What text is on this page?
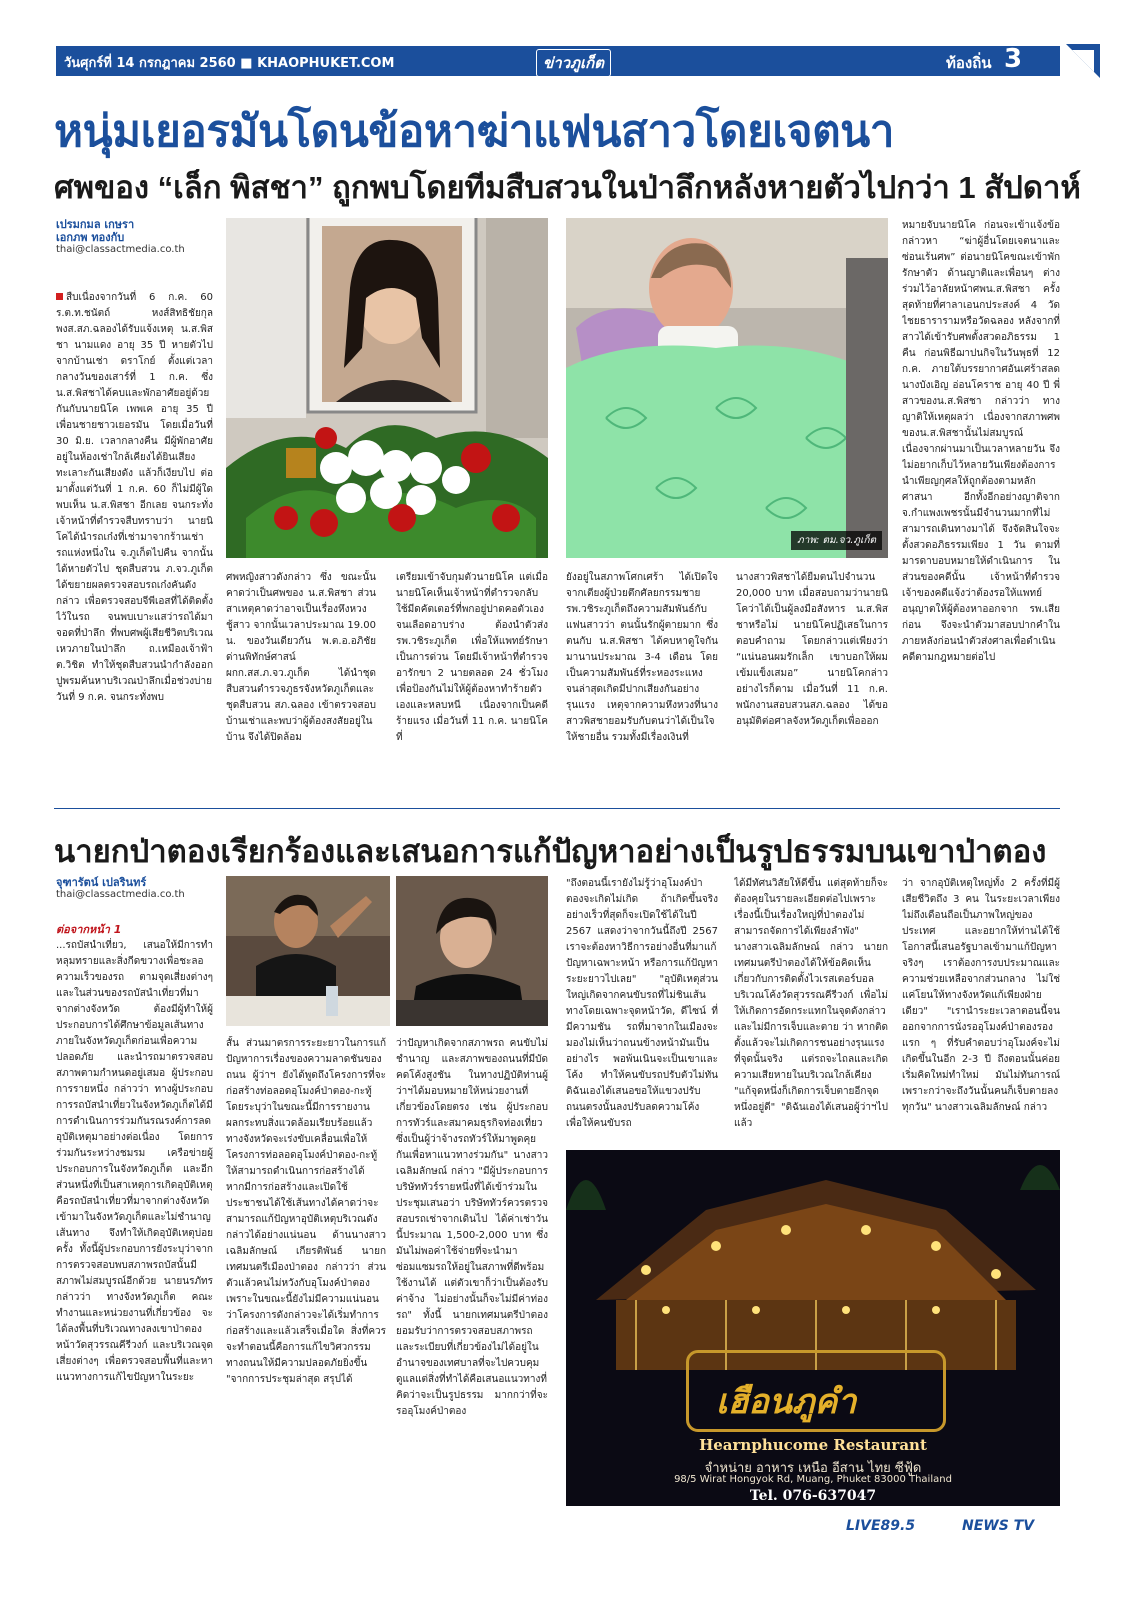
วันศุกร์ที่ 14 กรกฎาคม 2560 ■ KHAOPHUKET.COM	ข่าวภูเก็ต	ท้องถิ่น 3
หนุ่มเยอรมันโดนข้อหาฆ่าแฟนสาวโดยเจตนา
ศพของ “เล็ก พิสชา” ถูกพบโดยทีมสืบสวนในป่าลึกหลังหายตัวไปกว่า 1 สัปดาห์
เปรมกมล เกษรา
เอกภพ ทองกับ
thai@classactmedia.co.th
สืบเนื่องจากวันที่ 6 ก.ค. 60 ร.ต.ท.ชนัตถ์ หงส์สิทธิชัยกุล พงส.สภ.ฉลองได้รับแจ้งเหตุ น.ส.พิสชา นามแดง อายุ 35 ปี หายตัวไปจากบ้านเช่า ดราโกย์ ตั้งแต่เวลากลางวันของเสาร์ที่ 1 ก.ค. ซึ่งน.ส.พิสชาได้คบและพักอาศัยอยู่ด้วยกันกับนายนิโค เพพเค อายุ 35 ปี เพื่อนชายชาวเยอรมัน โดยเมื่อวันที่ 30 มิ.ย. เวลากลางคืน มีผู้พักอาศัยอยู่ในห้องเช่าใกล้เคียงได้ยินเสียงทะเลาะกันเสียงดัง แล้วก็เงียบไป ต่อมาตั้งแต่วันที่ 1 ก.ค. 60 ก็ไม่มีผู้ใดพบเห็น น.ส.พิสชา อีกเลย จนกระทั่งเจ้าหน้าที่ตำรวจสืบทราบว่า นายนิโคได้นำรถเก๋งที่เช่ามาจากร้านเช่ารถแห่งหนึ่งใน จ.ภูเก็ตไปคืน จากนั้นได้หายตัวไป ชุดสืบสวน ภ.จว.ภูเก็ตได้ขยายผลตรวจสอบรถเก๋งคันดังกล่าว เพื่อตรวจสอบจีพีเอสที่ได้ติดตั้งไว้ในรถ จนพบเบาะแสว่ารถได้มาจอดที่ป่าลึก ที่พบศพผู้เสียชีวิตบริเวณเหวภายในป่าลึก ถ.เหมืองเจ้าฟ้า ต.วิชิต ทำให้ชุดสืบสวนนำกำลังออกปูพรมค้นหาบริเวณป่าลึกเมื่อช่วงบ่ายวันที่ 9 ก.ค. จนกระทั่งพบ
ภาพ: ตม.จว.ภูเก็ต
หมายจับนายนิโค ก่อนจะเข้าแจ้งข้อกล่าวหา “ฆ่าผู้อื่นโดยเจตนาและซ่อนเร้นศพ” ต่อนายนิโคขณะเข้าพักรักษาตัว ด้านญาติและเพื่อนๆ ต่างร่วมไว้อาลัยหน้าศพน.ส.พิสชา ครั้งสุดท้ายที่ศาลาเอนกประสงค์ 4 วัดไชยธารารามหรือวัดฉลอง หลังจากที่สาวได้เข้ารับศพตั้งสวดอภิธรรม 1 คืน ก่อนพิธีฌาปนกิจในวันพุธที่ 12 ก.ค. ภายใต้บรรยากาศอันเศร้าสลด นางบังเอิญ อ่อนโคราช อายุ 40 ปี พี่สาวของน.ส.พิสชา กล่าวว่า ทางญาติให้เหตุผลว่า เนื่องจากสภาพศพของน.ส.พิสชานั้นไม่สมบูรณ์เนื่องจากผ่านมาเป็นเวลาหลายวัน จึงไม่อยากเก็บไว้หลายวันเพียงต้องการนำเพียญกุศลให้ถูกต้องตามหลักศาสนา อีกทั้งอีกอย่างญาติจาก จ.กำแพงเพชรนั้นมีจำนวนมากที่ไม่สามารถเดินทางมาได้ จึงจัดสินใจจะตั้งสวดอภิธรรมเพียง 1 วัน ตามที่มารดาบอบหมายให้ดำเนินการ ในส่วนของคดีนั้น เจ้าหน้าที่ตำรวจเจ้าของคดีแจ้งว่าต้องรอให้แพทย์อนุญาตให้ผู้ต้องหาออกจาก รพ.เสียก่อน จึงจะนำตัวมาสอบปากคำในภายหลังก่อนนำตัวส่งศาลเพื่อดำเนินคดีตามกฎหมายต่อไป
ศพหญิงสาวดังกล่าว ซึ่ง ขณะนั้นคาดว่าเป็นศพของ น.ส.พิสชา ส่วนสาเหตุคาดว่าอาจเป็นเรื่องหึงหวงชู้สาว จากนั้นเวลาประมาณ 19.00 น. ของวันเดียวกัน พ.ต.อ.อภิชัย ด่านพิทักษ์ศาสน์ ผกก.สส.ภ.จว.ภูเก็ต ได้นำชุดสืบสวนตำรวจภูธรจังหวัดภูเก็ตและชุดสืบสวน สภ.ฉลอง เข้าตรวจสอบบ้านเช่าและพบว่าผู้ต้องสงสัยอยู่ในบ้าน จึงได้ปิดล้อม
เตรียมเข้าจับกุมตัวนายนิโค แต่เมื่อนายนิโคเห็นเจ้าหน้าที่ตำรวจกลับใช้มีดคัตเตอร์ที่พกอยู่ปาดคอตัวเองจนเลือดอาบร่าง ต้องนำตัวส่ง รพ.วชิระภูเก็ต เพื่อให้แพทย์รักษา เป็นการด่วน โดยมีเจ้าหน้าที่ตำรวจอารักขา 2 นายตลอด 24 ชั่วโมง เพื่อป้องกันไม่ให้ผู้ต้องหาทำร้ายตัวเองและหลบหนี เนื่องจากเป็นคดีร้ายแรง เมื่อวันที่ 11 ก.ค. นายนิโค ที่
ยังอยู่ในสภาพโศกเศร้า ได้เปิดใจจากเตียงผู้ป่วยตึกศัลยกรรมชาย รพ.วชิระภูเก็ตถึงความสัมพันธ์กับแฟนสาวว่า ตนนั้นรักผู้ตายมาก ซึ่งตนกับ น.ส.พิสชา ได้คบหาดูใจกันมานานประมาณ 3-4 เดือน โดยเป็นความสัมพันธ์ที่ระหองระแหง จนล่าสุดเกิดมีปากเสียงกันอย่างรุนแรง เหตุจากความหึงหวงที่นางสาวพิสชายอมรับกับตนว่าได้เป็นใจให้ชายอื่น รวมทั้งมีเรื่องเงินที่
นางสาวพิสชาได้ยืมตนไปจำนวน 20,000 บาท เมื่อสอบถามว่านายนิโคว่าได้เป็นผู้ลงมือสังหาร น.ส.พิสชาหรือไม่ นายนิโคปฏิเสธในการตอบคำถาม โดยกล่าวแต่เพียงว่า “แน่นอนผมรักเล็ก เขาบอกให้ผมเข้มแข็งเสมอ” นายนิโคกล่าว อย่างไรก็ตาม เมื่อวันที่ 11 ก.ค. พนักงานสอบสวนสภ.ฉลอง ได้ขออนุมัติต่อศาลจังหวัดภูเก็ตเพื่อออก
นายกป่าตองเรียกร้องและเสนอการแก้ปัญหาอย่างเป็นรูปธรรมบนเขาป่าตอง
จุฑารัตน์ เปลรินทร์
thai@classactmedia.co.th
ต่อจากหน้า 1
...รถบัสนำเที่ยว, เสนอให้มีการทำหลุมทรายและสิ่งกีดขวางเพื่อชะลอความเร็วของรถ ตามจุดเสี่ยงต่างๆ และในส่วนของรถบัสนำเที่ยวที่มาจากต่างจังหวัด ต้องมีผู้ทำให้ผู้ประกอบการได้ศึกษาข้อมูลเส้นทางภายในจังหวัดภูเก็ตก่อนเพื่อความปลอดภัย และนำรถมาตรวจสอบสภาพตามกำหนดอยู่เสมอ ผู้ประกอบการรายหนึ่ง กล่าวว่า ทางผู้ประกอบการรถบัสนำเที่ยวในจังหวัดภูเก็ตได้มีการดำเนินการร่วมกันรณรงค์การลดอุบัติเหตุมาอย่างต่อเนื่อง โดยการร่วมกันระหว่างชมรม เครือข่ายผู้ประกอบการในจังหวัดภูเก็ต และอีกส่วนหนึ่งที่เป็นสาเหตุการเกิดอุบัติเหตุคือรถบัสนำเที่ยวที่มาจากต่างจังหวัดเข้ามาในจังหวัดภูเก็ตและไม่ชำนาญเส้นทาง จึงทำให้เกิดอุบัติเหตุบ่อยครั้ง ทั้งนี้ผู้ประกอบการยังระบุว่าจากการตรวจสอบพบสภาพรถบัสนั้นมีสภาพไม่สมบูรณ์อีกด้วย นายนรภัทร กล่าวว่า ทางจังหวัดภูเก็ต คณะทำงานและหน่วยงานที่เกี่ยวข้อง จะได้ลงพื้นที่บริเวณทางลงเขาป่าตอง หน้าวัดสุวรรณคีรีวงก์ และบริเวณจุดเสี่ยงต่างๆ เพื่อตรวจสอบพื้นที่และหาแนวทางการแก้ไขปัญหาในระยะ
สั้น ส่วนมาตรการระยะยาวในการแก้ปัญหาการเรื่องของความลาดชันของถนน ผู้ว่าฯ ยังได้พูดถึงโครงการที่จะก่อสร้างท่อลอดอุโมงค์ป่าตอง-กะทู้ โดยระบุว่าในขณะนี้มีการรายงานผลกระทบสิ่งแวดล้อมเรียบร้อยแล้ว ทางจังหวัดจะเร่งขับเคลื่อนเพื่อให้โครงการท่อลอดอุโมงค์ป่าตอง-กะทู้ ให้สามารถดำเนินการก่อสร้างได้ หากมีการก่อสร้างและเปิดใช้ประชาชนได้ใช้เส้นทางได้คาดว่าจะสามารถแก้ปัญหาอุบัติเหตุบริเวณดังกล่าวได้อย่างแน่นอน ด้านนางสาวเฉลิมลักษณ์ เกียรติพันธ์ นายกเทศมนตรีเมืองป่าตอง กล่าวว่า ส่วนตัวแล้วคนไม่หวังกับอุโมงค์ป่าตอง เพราะในขณะนี้ยังไม่มีความแน่นอนว่าโครงการดังกล่าวจะได้เริ่มทำการก่อสร้างและแล้วเสร็จเมื่อใด สิ่งที่ควรจะทำตอนนี้คือการแก้ไขวิศวกรรมทางถนนให้มีความปลอดภัยยิ่งขึ้น "จากการประชุมล่าสุด สรุปได้
ว่าปัญหาเกิดจากสภาพรถ คนขับไม่ชำนาญ และสภาพของถนนที่มีบัดคดโค้งสูงชัน ในทางปฏิบัติท่านผู้ว่าฯได้มอบหมายให้หน่วยงานที่เกี่ยวข้องโดยตรง เช่น ผู้ประกอบการทัวร์และสมาคมธุรกิจท่องเที่ยวซึ่งเป็นผู้ว่าจ้างรถทัวร์ให้มาพูดคุยกันเพื่อหาแนวทางร่วมกัน" นางสาวเฉลิมลักษณ์ กล่าว "มีผู้ประกอบการบริษัททัวร์รายหนึ่งที่ได้เข้าร่วมในประชุมเสนอว่า บริษัททัวร์ควรตรวจสอบรถเช่าจากเดินไป ได้ค่าเช่าวันนี้ประมาณ 1,500-2,000 บาท ซึ่งมันไม่พอค่าใช้จ่ายที่จะนำมาซ่อมแซมรถให้อยู่ในสภาพที่ดีพร้อมใช้งานได้ แต่ตัวเขาก็ว่าเป็นต้องรับค่าจ้าง ไม่อย่างนั้นก็จะไม่มีค่าท่องรถ" ทั้งนี้ นายกเทศมนตรีป่าตองยอมรับว่าการตรวจสอบสภาพรถและระเบียบที่เกี่ยวข้องไม่ได้อยู่ในอำนาจของเทศบาลที่จะไปควบคุมดูแลแต่สิ่งที่ทำได้คือเสนอแนวทางที่คิดว่าจะเป็นรูปธรรม มากกว่าที่จะรออุโมงค์ป่าตอง
"ถึงตอนนี้เรายังไม่รู้ว่าอุโมงค์ป่าตองจะเกิดไม่เกิด ถ้าเกิดขึ้นจริง อย่างเร็วที่สุดก็จะเปิดใช้ได้ในปี 2567 แสดงว่าจากวันนี้ถึงปี 2567 เราจะต้องหาวิธีการอย่างอื่นที่มาแก้ปัญหาเฉพาะหน้า หรือการแก้ปัญหาระยะยาวไปเลย" "อุบัติเหตุส่วนใหญ่เกิดจากคนขับรถที่ไม่ชินเส้นทางโดยเฉพาะจุดหน้าวัด, ดีไซน์ ที่มีความชัน รถที่มาจากในเมืองจะมองไม่เห็นว่าถนนข้างหน้ามันเป็นอย่างไร พอพ้นเนินจะเป็นเขาและโค้ง ทำให้คนขับรถปรับตัวไม่ทัน ดิฉันเองได้เสนอขอให้แขวงปรับถนนตรงนั้นลงปรับลดความโค้ง เพื่อให้คนขับรถ
ได้มีทัศนวิสัยให้ดีขึ้น แต่สุดท้ายก็จะต้องคุยในรายละเอียดต่อไปเพราะเรื่องนี้เป็นเรื่องใหญ่ที่ป่าตองไม่สามารถจัดการได้เพียงลำพัง" นางสาวเฉลิมลักษณ์ กล่าว นายกเทศมนตรีป่าตองได้ให้ข้อคิดเห็นเกี่ยวกับการติดตั้งไวเรสเตอร์บอลบริเวณโค้งวัดสุวรรณคีรีวงก์ เพื่อไม่ให้เกิดการอัดกระแทกในจุดดังกล่าวและไม่มีการเจ็บและตาย ว่า หากติดตั้งแล้วจะไม่เกิดการชนอย่างรุนแรงที่จุดนั้นจริง แต่รถจะไถลและเกิดความเสียหายในบริเวณใกล้เคียง "แก้จุดหนึ่งก็เกิดการเจ็บตายอีกจุดหนึ่งอยู่ดี" "ดิฉันเองได้เสนอผู้ว่าฯไปแล้ว
ว่า จากอุบัติเหตุใหญ่ทั้ง 2 ครั้งที่มีผู้เสียชีวิตถึง 3 คน ในระยะเวลาเพียงไม่ถึงเดือนถือเป็นภาพใหญ่ของประเทศ และอยากให้ท่านได้ใช้โอกาสนี้เสนอรัฐบาลเข้ามาแก้ปัญหาจริงๆ เราต้องการงบประมาณและความช่วยเหลือจากส่วนกลาง ไม่ใช่แค่โยนให้ทางจังหวัดแก้เพียงฝ่ายเดียว" "เรานำระยะเวลาตอนนี้จนออกจากการนั่งรออุโมงค์ป่าตองรองแรก ๆ ที่รับคำตอบว่าอุโมงค์จะไม่เกิดขึ้นในอีก 2-3 ปี ถึงตอนนั้นค่อยเริ่มคิดใหม่ทำใหม่ มันไม่ทันการณ์ เพราะกว่าจะถึงวันนั้นคนก็เจ็บตายลงทุกวัน" นางสาวเฉลิมลักษณ์ กล่าว
เฮือนภูคำ
Hearnphucome Restaurant
จำหน่าย อาหาร เหนือ อีสาน ไทย ซีฟู้ด
98/5 Wirat Hongyok Rd, Muang, Phuket 83000 Thailand
Tel. 076-637047
LIVE89.5	NEWS TV
